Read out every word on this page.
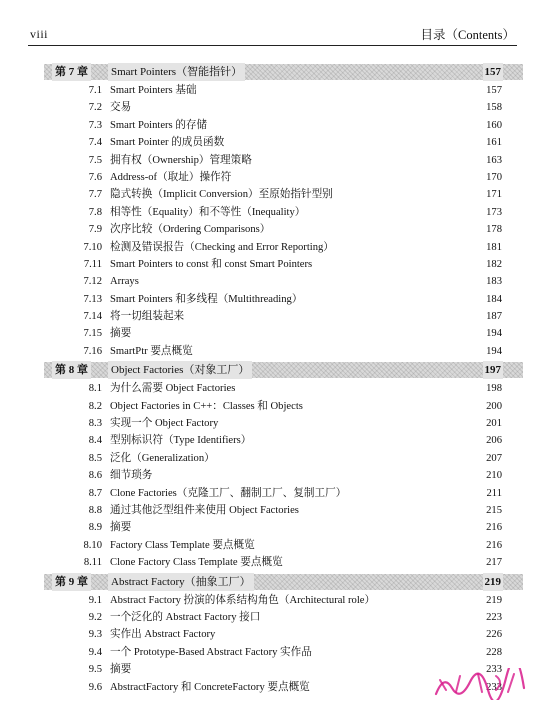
viii	目录（Contents）
第 7 章 Smart Pointers（智能指针）	157
7.1 Smart Pointers 基础	157
7.2 交易	158
7.3 Smart Pointers 的存储	160
7.4 Smart Pointer 的成员函数	161
7.5 拥有权（Ownership）管理策略	163
7.6 Address-of（取址）操作符	170
7.7 隐式转换（Implicit Conversion）至原始指针型别	171
7.8 相等性（Equality）和不等性（Inequality）	173
7.9 次序比较（Ordering Comparisons）	178
7.10 检测及错误报告（Checking and Error Reporting）	181
7.11 Smart Pointers to const 和 const Smart Pointers	182
7.12 Arrays	183
7.13 Smart Pointers 和多线程（Multithreading）	184
7.14 将一切组装起来	187
7.15 摘要	194
7.16 SmartPtr 要点概览	194
第 8 章 Object Factories（对象工厂）	197
8.1 为什么需要 Object Factories	198
8.2 Object Factories in C++：Classes 和 Objects	200
8.3 实现一个 Object Factory	201
8.4 型别标识符（Type Identifiers）	206
8.5 泛化（Generalization）	207
8.6 细节琐务	210
8.7 Clone Factories（克隆工厂、翻制工厂、复制工厂）	211
8.8 通过其他泛型组件来使用 Object Factories	215
8.9 摘要	216
8.10 Factory Class Template 要点概览	216
8.11 Clone Factory Class Template 要点概览	217
第 9 章 Abstract Factory（抽象工厂）	219
9.1 Abstract Factory 扮演的体系结构角色（Architectural role）	219
9.2 一个泛化的 Abstract Factory 接口	223
9.3 实作出 Abstract Factory	226
9.4 一个 Prototype-Based Abstract Factory 实作品	228
9.5 摘要	233
9.6 AbstractFactory 和 ConcreteFactory 要点概览	233
